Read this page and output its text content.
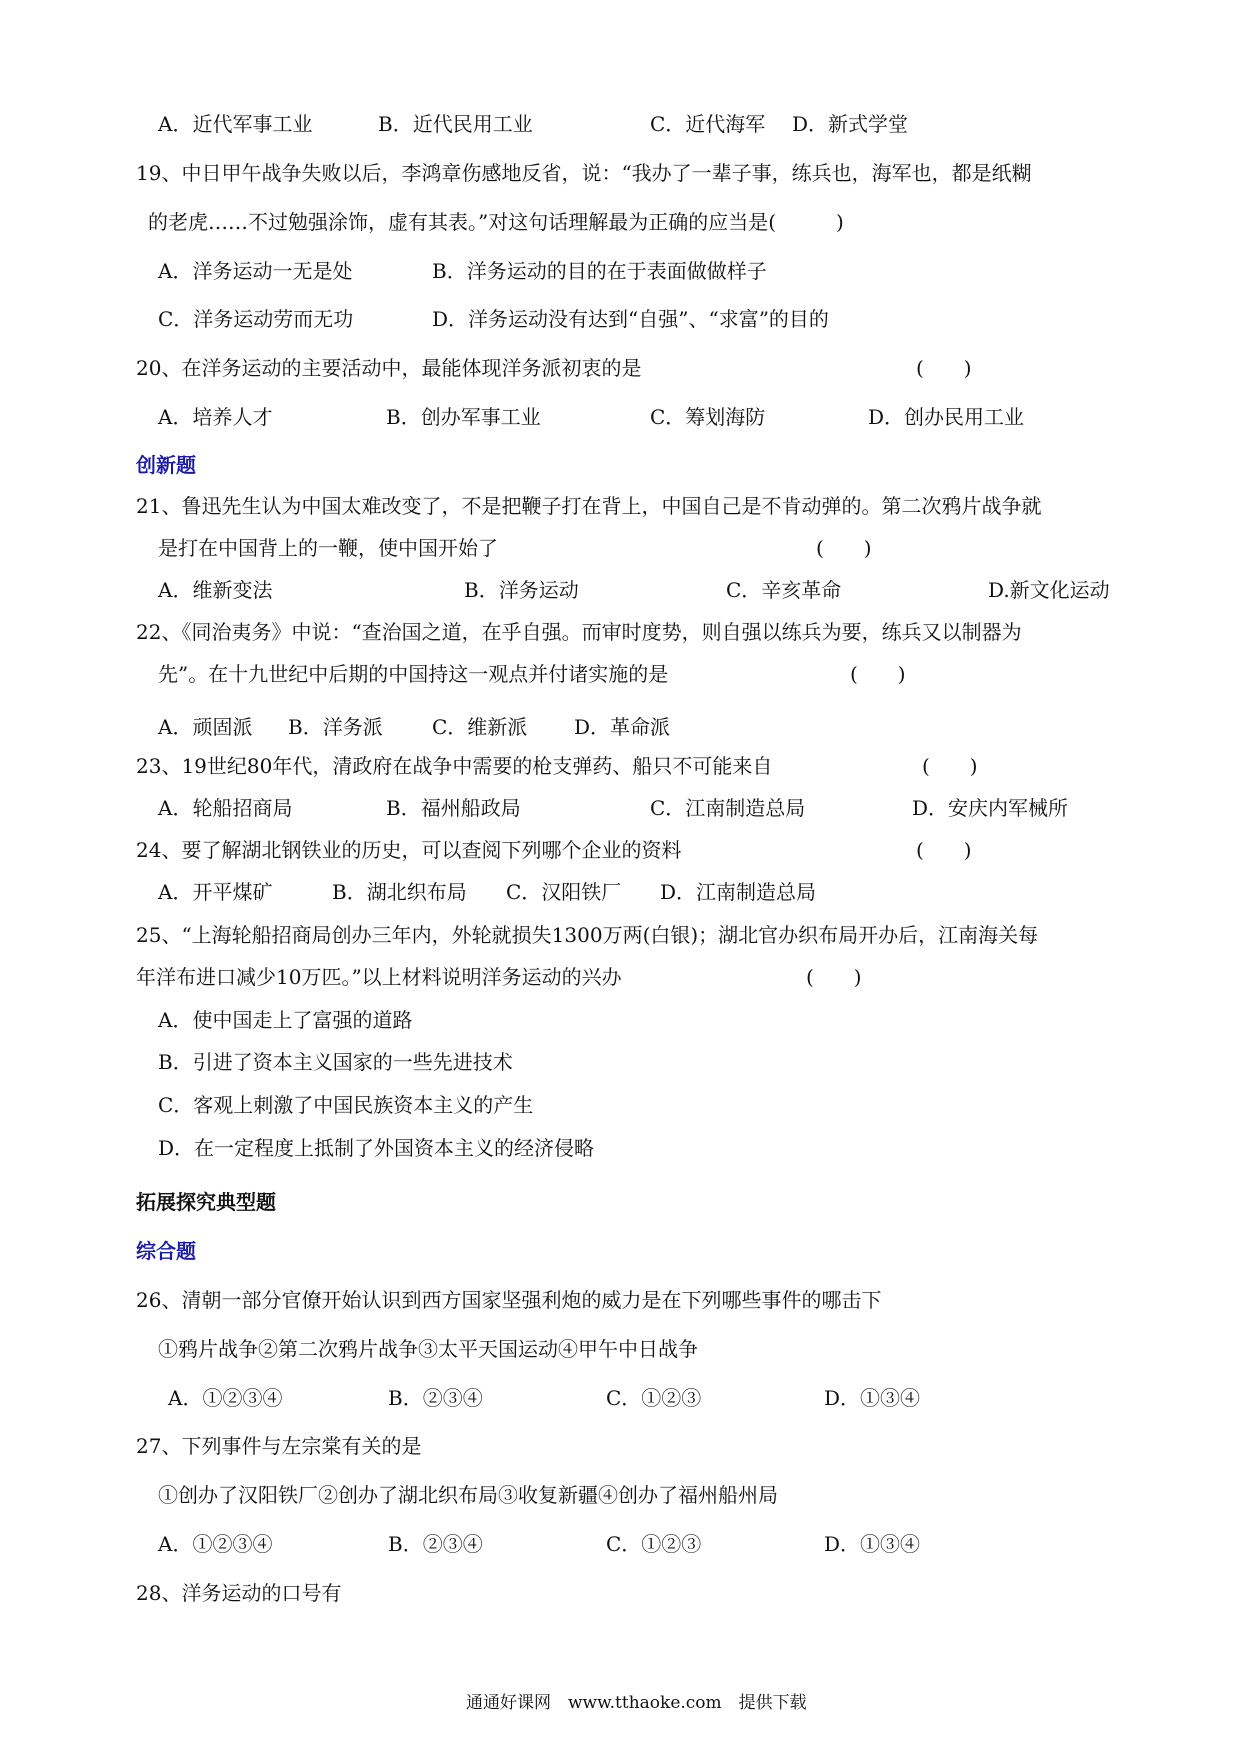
A．近代军事工业	B．近代民用工业	C．近代海军 D．新式学堂
19、中日甲午战争失败以后，李鸿章伤感地反省，说：“我办了一辈子事，练兵也，海军也，都是纸糊
的老虎……不过勉强涂饰，虚有其表。”对这句话理解最为正确的应当是(　　　)
A．洋务运动一无是处	B．洋务运动的目的在于表面做做样子
C．洋务运动劳而无功	D．洋务运动没有达到“自强”、“求富”的目的
20、在洋务运动的主要活动中，最能体现洋务派初衷的是	(　　)
A．培养人才	B．创办军事工业	C．筹划海防	D．创办民用工业
创新题
21、鲁迅先生认为中国太难改变了，不是把鞭子打在背上，中国自己是不肯动弹的。第二次鸦片战争就
是打在中国背上的一鞭，使中国开始了	(　　)
A．维新变法	B．洋务运动	C．辛亥革命	D.新文化运动
22、《同治夷务》中说：“查治国之道，在乎自强。而审时度势，则自强以练兵为要，练兵又以制器为
先”。在十九世纪中后期的中国持这一观点并付诸实施的是	(　　)
A．顽固派 B．洋务派 C．维新派 D．革命派
23、19世纪80年代，清政府在战争中需要的枪支弹药、船只不可能来自	(　　)
A．轮船招商局	B．福州船政局	C．江南制造总局	D．安庆内军械所
24、要了解湖北钢铁业的历史，可以查阅下列哪个企业的资料	(　　)
A．开平煤矿	B．湖北织布局 C．汉阳铁厂 D．江南制造总局
25、“上海轮船招商局创办三年内，外轮就损失1300万两(白银)；湖北官办织布局开办后，江南海关每
年洋布进口减少10万匹。”以上材料说明洋务运动的兴办	(　　)
A．使中国走上了富强的道路
B．引进了资本主义国家的一些先进技术
C．客观上刺激了中国民族资本主义的产生
D．在一定程度上抵制了外国资本主义的经济侵略
拓展探究典型题
综合题
26、清朝一部分官僚开始认识到西方国家坚强利炮的威力是在下列哪些事件的哪击下
①鸦片战争②第二次鸦片战争③太平天国运动④甲午中日战争
A．①②③④	B．②③④	C．①②③	D．①③④
27、下列事件与左宗棠有关的是
①创办了汉阳铁厂②创办了湖北织布局③收复新疆④创办了福州船州局
A．①②③④	B．②③④	C．①②③	D．①③④
28、洋务运动的口号有
通通好课网　www.tthaoke.com　提供下载
